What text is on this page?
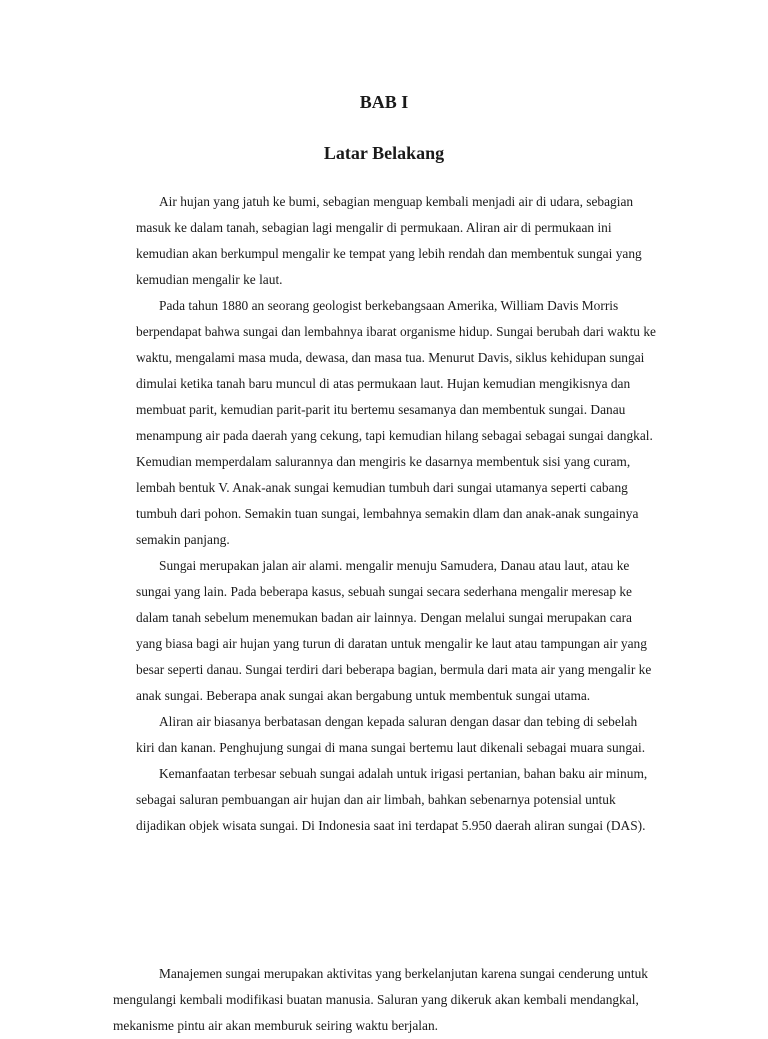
BAB I
Latar Belakang

Air hujan yang jatuh ke bumi, sebagian menguap kembali menjadi air di udara, sebagian masuk ke dalam tanah, sebagian lagi mengalir di permukaan. Aliran air di permukaan ini kemudian akan berkumpul mengalir ke tempat yang lebih rendah dan membentuk sungai yang kemudian mengalir ke laut.

Pada tahun 1880 an seorang geologist berkebangsaan Amerika, William Davis Morris berpendapat bahwa sungai dan lembahnya ibarat organisme hidup. Sungai berubah dari waktu ke waktu, mengalami masa muda, dewasa, dan masa tua. Menurut Davis, siklus kehidupan sungai dimulai ketika tanah baru muncul di atas permukaan laut. Hujan kemudian mengikisnya dan membuat parit, kemudian parit-parit itu bertemu sesamanya dan membentuk sungai. Danau menampung air pada daerah yang cekung, tapi kemudian hilang sebagai sebagai sungai dangkal. Kemudian memperdalam salurannya dan mengiris ke dasarnya membentuk sisi yang curam, lembah bentuk V. Anak-anak sungai kemudian tumbuh dari sungai utamanya seperti cabang tumbuh dari pohon. Semakin tuan sungai, lembahnya semakin dlam dan anak-anak sungainya semakin panjang.

Sungai merupakan jalan air alami. mengalir menuju Samudera, Danau atau laut, atau ke sungai yang lain. Pada beberapa kasus, sebuah sungai secara sederhana mengalir meresap ke dalam tanah sebelum menemukan badan air lainnya. Dengan melalui sungai merupakan cara yang biasa bagi air hujan yang turun di daratan untuk mengalir ke laut atau tampungan air yang besar seperti danau. Sungai terdiri dari beberapa bagian, bermula dari mata air yang mengalir ke anak sungai. Beberapa anak sungai akan bergabung untuk membentuk sungai utama.

Aliran air biasanya berbatasan dengan kepada saluran dengan dasar dan tebing di sebelah kiri dan kanan. Penghujung sungai di mana sungai bertemu laut dikenali sebagai muara sungai.

Kemanfaatan terbesar sebuah sungai adalah untuk irigasi pertanian, bahan baku air minum, sebagai saluran pembuangan air hujan dan air limbah, bahkan sebenarnya potensial untuk dijadikan objek wisata sungai. Di Indonesia saat ini terdapat 5.950 daerah aliran sungai (DAS).

Manajemen sungai merupakan aktivitas yang berkelanjutan karena sungai cenderung untuk mengulangi kembali modifikasi buatan manusia. Saluran yang dikeruk akan kembali mendangkal, mekanisme pintu air akan memburuk seiring waktu berjalan.
